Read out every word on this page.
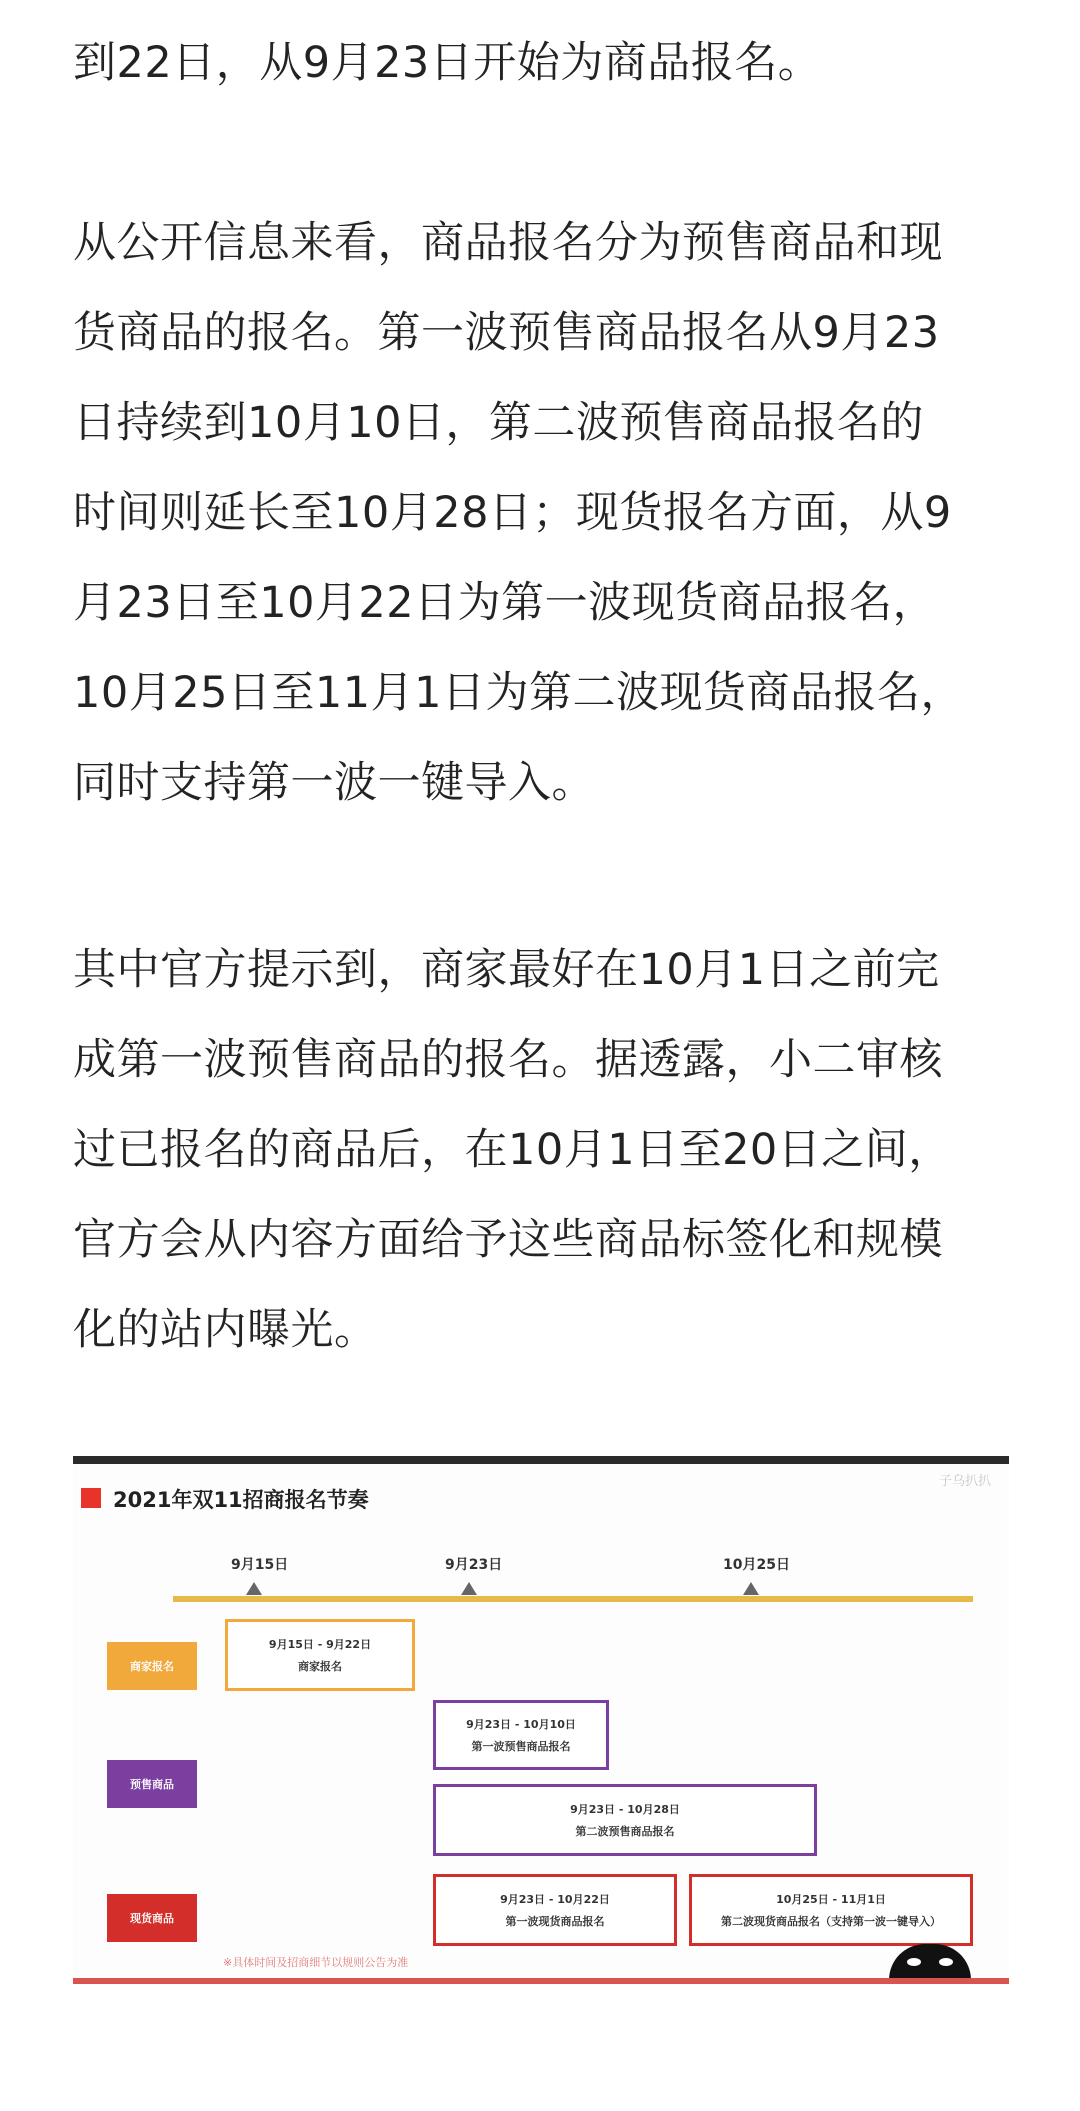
到22日，从9月23日开始为商品报名。
从公开信息来看，商品报名分为预售商品和现
货商品的报名。第一波预售商品报名从9月23
日持续到10月10日，第二波预售商品报名的
时间则延长至10月28日；现货报名方面，从9
月23日至10月22日为第一波现货商品报名，
10月25日至11月1日为第二波现货商品报名，
同时支持第一波一键导入。
其中官方提示到，商家最好在10月1日之前完
成第一波预售商品的报名。据透露，小二审核
过已报名的商品后，在10月1日至20日之间，
官方会从内容方面给予这些商品标签化和规模
化的站内曝光。
2021年双11招商报名节奏
子乌扒扒
9月15日	9月23日	10月25日
商家报名
预售商品
现货商品
9月15日 - 9月22日
商家报名
9月23日 - 10月10日
第一波预售商品报名
9月23日 - 10月28日
第二波预售商品报名
9月23日 - 10月22日
第一波现货商品报名
10月25日 - 11月1日
第二波现货商品报名（支持第一波一键导入）
※具体时间及招商细节以规则公告为准
